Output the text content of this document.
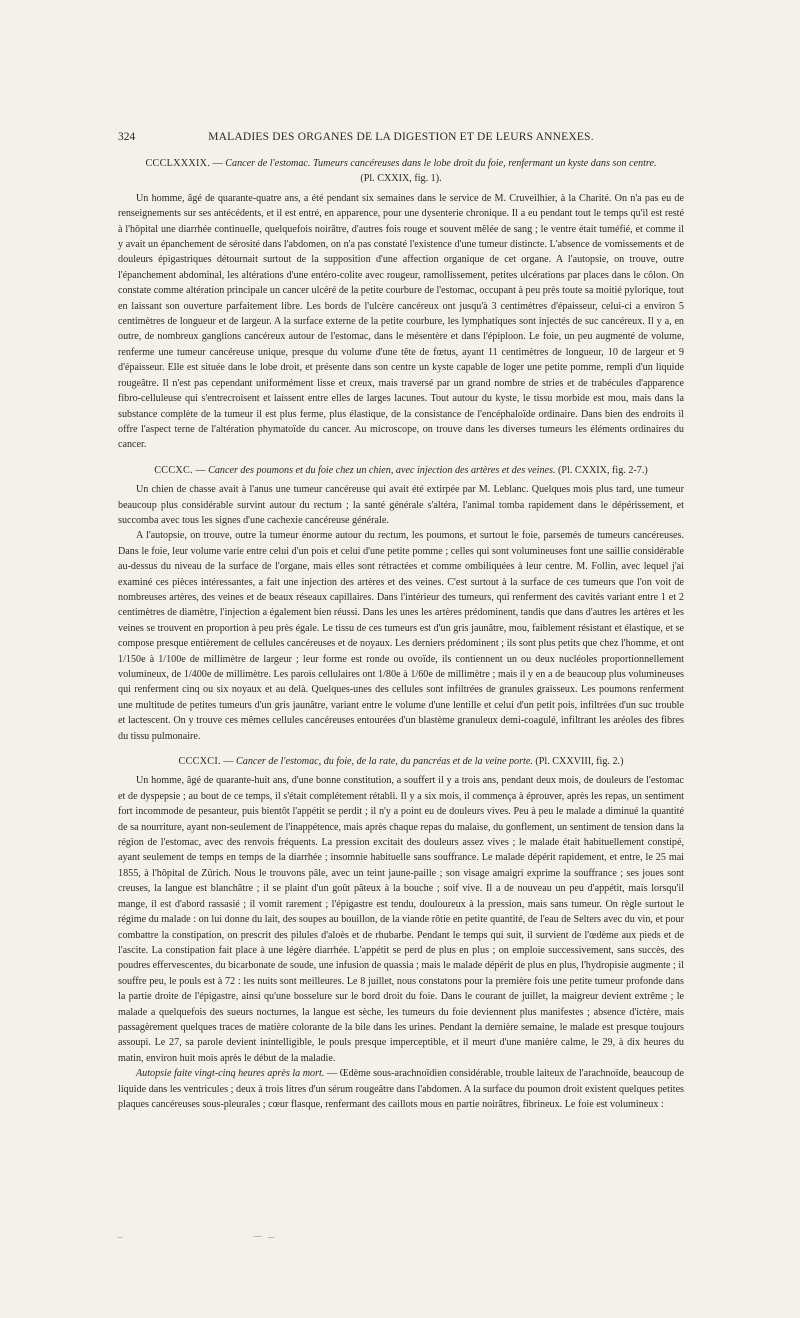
324	MALADIES DES ORGANES DE LA DIGESTION ET DE LEURS ANNEXES.
CCCLXXXIX. — Cancer de l'estomac. Tumeurs cancéreuses dans le lobe droit du foie, renfermant un kyste dans son centre.
(Pl. CXXIX, fig. 1).

Un homme, âgé de quarante-quatre ans, a été pendant six semaines dans le service de M. Cruveilhier, à la Charité. On n'a pas eu de renseignements sur ses antécédents, et il est entré, en apparence, pour une dysenterie chronique. Il a eu pendant tout le temps qu'il est resté à l'hôpital une diarrhée continuelle, quelquefois noirâtre, d'autres fois rouge et souvent mêlée de sang ; le ventre était tuméfié, et comme il y avait un épanchement de sérosité dans l'abdomen, on n'a pas constaté l'existence d'une tumeur distincte. L'absence de vomissements et de douleurs épigastriques détournait surtout de la supposition d'une affection organique de cet organe. A l'autopsie, on trouve, outre l'épanchement abdominal, les altérations d'une entéro-colite avec rougeur, ramollissement, petites ulcérations par places dans le côlon. On constate comme altération principale un cancer ulcéré de la petite courbure de l'estomac, occupant à peu près toute sa moitié pylorique, tout en laissant son ouverture parfaitement libre. Les bords de l'ulcère cancéreux ont jusqu'à 3 centimètres d'épaisseur, celui-ci a environ 5 centimètres de longueur et de largeur. A la surface externe de la petite courbure, les lymphatiques sont injectés de suc cancéreux. Il y a, en outre, de nombreux ganglions cancéreux autour de l'estomac, dans le mésentère et dans l'épiploon. Le foie, un peu augmenté de volume, renferme une tumeur cancéreuse unique, presque du volume d'une tête de fœtus, ayant 11 centimètres de longueur, 10 de largeur et 9 d'épaisseur. Elle est située dans le lobe droit, et présente dans son centre un kyste capable de loger une petite pomme, rempli d'un liquide rougeâtre. Il n'est pas cependant uniformément lisse et creux, mais traversé par un grand nombre de stries et de trabécules d'apparence fibro-celluleuse qui s'entrecroisent et laissent entre elles de larges lacunes. Tout autour du kyste, le tissu morbide est mou, mais dans la substance complète de la tumeur il est plus ferme, plus élastique, de la consistance de l'encéphaloïde ordinaire. Dans bien des endroits il offre l'aspect terne de l'altération phymatoïde du cancer. Au microscope, on trouve dans les diverses tumeurs les éléments ordinaires du cancer.

CCCXC. — Cancer des poumons et du foie chez un chien, avec injection des artères et des veines. (Pl. CXXIX, fig. 2-7.)

Un chien de chasse avait à l'anus une tumeur cancéreuse qui avait été extirpée par M. Leblanc. Quelques mois plus tard, une tumeur beaucoup plus considérable survint autour du rectum ; la santé générale s'altéra, l'animal tomba rapidement dans le dépérissement, et succomba avec tous les signes d'une cachexie cancéreuse générale.

A l'autopsie, on trouve, outre la tumeur énorme autour du rectum, les poumons, et surtout le foie, parsemés de tumeurs cancéreuses. Dans le foie, leur volume varie entre celui d'un pois et celui d'une petite pomme ; celles qui sont volumineuses font une saillie considérable au-dessus du niveau de la surface de l'organe, mais elles sont rétractées et comme ombiliquées à leur centre. M. Follin, avec lequel j'ai examiné ces pièces intéressantes, a fait une injection des artères et des veines. C'est surtout à la surface de ces tumeurs que l'on voit de nombreuses artères, des veines et de beaux réseaux capillaires. Dans l'intérieur des tumeurs, qui renferment des cavités variant entre 1 et 2 centimètres de diamètre, l'injection a également bien réussi. Dans les unes les artères prédominent, tandis que dans d'autres les artères et les veines se trouvent en proportion à peu près égale. Le tissu de ces tumeurs est d'un gris jaunâtre, mou, faiblement résistant et élastique, et se compose presque entièrement de cellules cancéreuses et de noyaux. Les derniers prédominent ; ils sont plus petits que chez l'homme, et ont 1/150e à 1/100e de millimètre de largeur ; leur forme est ronde ou ovoïde, ils contiennent un ou deux nucléoles proportionnellement volumineux, de 1/400e de millimètre. Les parois cellulaires ont 1/80e à 1/60e de millimètre ; mais il y en a de beaucoup plus volumineuses qui renferment cinq ou six noyaux et au delà. Quelques-unes des cellules sont infiltrées de granules graisseux. Les poumons renferment une multitude de petites tumeurs d'un gris jaunâtre, variant entre le volume d'une lentille et celui d'un petit pois, infiltrées d'un suc trouble et lactescent. On y trouve ces mêmes cellules cancéreuses entourées d'un blastème granuleux demi-coagulé, infiltrant les aréoles des fibres du tissu pulmonaire.

CCCXCI. — Cancer de l'estomac, du foie, de la rate, du pancréas et de la veine porte. (Pl. CXXVIII, fig. 2.)

Un homme, âgé de quarante-huit ans, d'une bonne constitution, a souffert il y a trois ans, pendant deux mois, de douleurs de l'estomac et de dyspepsie ; au bout de ce temps, il s'était complétement rétabli. Il y a six mois, il commença à éprouver, après les repas, un sentiment fort incommode de pesanteur, puis bientôt l'appétit se perdit ; il n'y a point eu de douleurs vives. Peu à peu le malade a diminué la quantité de sa nourriture, ayant non-seulement de l'inappétence, mais après chaque repas du malaise, du gonflement, un sentiment de tension dans la région de l'estomac, avec des renvois fréquents. La pression excitait des douleurs assez vives ; le malade était habituellement constipé, ayant seulement de temps en temps de la diarrhée ; insomnie habituelle sans souffrance. Le malade dépérit rapidement, et entre, le 25 mai 1855, à l'hôpital de Zürich. Nous le trouvons pâle, avec un teint jaune-paille ; son visage amaigri exprime la souffrance ; ses joues sont creuses, la langue est blanchâtre ; il se plaint d'un goût pâteux à la bouche ; soif vive. Il a de nouveau un peu d'appétit, mais lorsqu'il mange, il est d'abord rassasié ; il vomit rarement ; l'épigastre est tendu, douloureux à la pression, mais sans tumeur. On règle surtout le régime du malade : on lui donne du lait, des soupes au bouillon, de la viande rôtie en petite quantité, de l'eau de Selters avec du vin, et pour combattre la constipation, on prescrit des pilules d'aloès et de rhubarbe. Pendant le temps qui suit, il survient de l'œdème aux pieds et de l'ascite. La constipation fait place à une légère diarrhée. L'appétit se perd de plus en plus ; on emploie successivement, sans succès, des poudres effervescentes, du bicarbonate de soude, une infusion de quassia ; mais le malade dépérit de plus en plus, l'hydropisie augmente ; il souffre peu, le pouls est à 72 : les nuits sont meilleures. Le 8 juillet, nous constatons pour la première fois une petite tumeur profonde dans la partie droite de l'épigastre, ainsi qu'une bosselure sur le bord droit du foie. Dans le courant de juillet, la maigreur devient extrême ; le malade a quelquefois des sueurs nocturnes, la langue est sèche, les tumeurs du foie deviennent plus manifestes ; absence d'ictère, mais passagèrement quelques traces de matière colorante de la bile dans les urines. Pendant la dernière semaine, le malade est presque toujours assoupi. Le 27, sa parole devient inintelligible, le pouls presque imperceptible, et il meurt d'une manière calme, le 29, à dix heures du matin, environ huit mois après le début de la maladie.

Autopsie faite vingt-cinq heures après la mort. — Œdème sous-arachnoïdien considérable, trouble laiteux de l'arachnoïde, beaucoup de liquide dans les ventricules ; deux à trois litres d'un sérum rougeâtre dans l'abdomen. A la surface du poumon droit existent quelques petites plaques cancéreuses sous-pleurales ; cœur flasque, renfermant des caillots mous en partie noirâtres, fibrineux. Le foie est volumineux :
